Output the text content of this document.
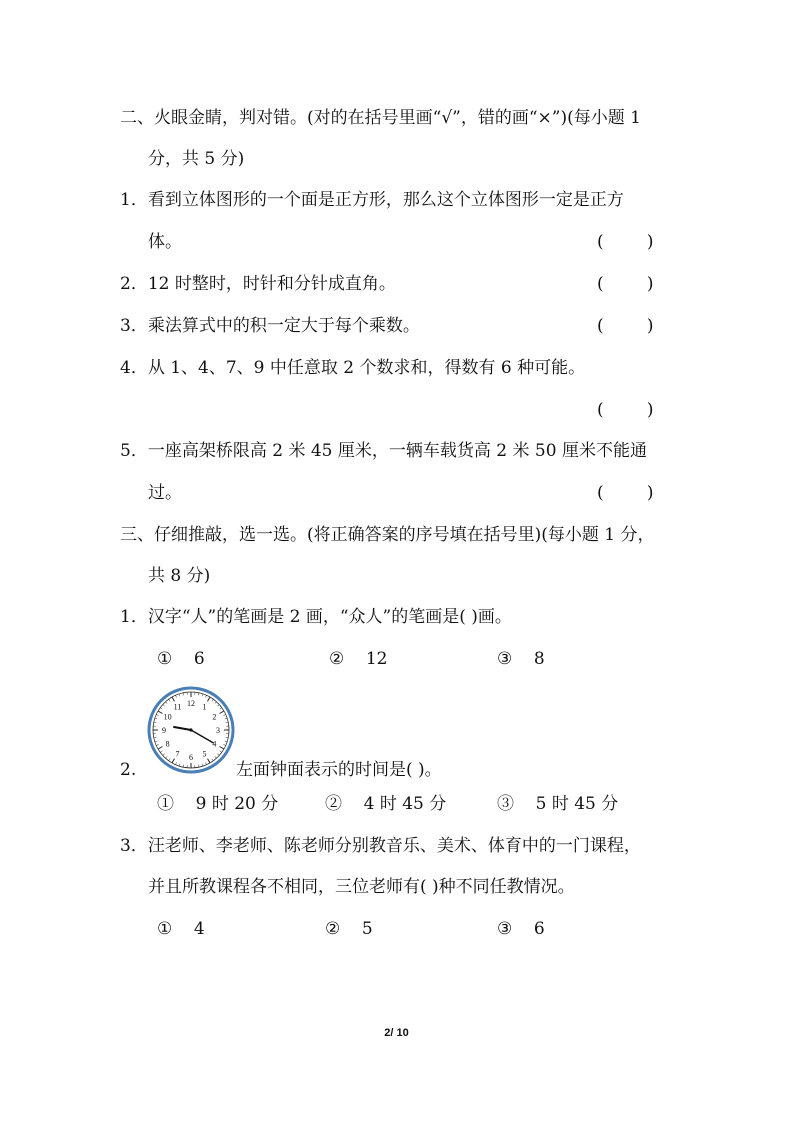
二、火眼金睛，判对错。(对的在括号里画“√”，错的画“×”)(每小题 1
分，共 5 分)
1．看到立体图形的一个面是正方形，那么这个立体图形一定是正方
体。	(        )
2．12 时整时，时针和分针成直角。	(        )
3．乘法算式中的积一定大于每个乘数。	(        )
4．从 1、4、7、9 中任意取 2 个数求和，得数有 6 种可能。
(        )
5．一座高架桥限高 2 米 45 厘米，一辆车载货高 2 米 50 厘米不能通
过。	(        )
三、仔细推敲，选一选。(将正确答案的序号填在括号里)(每小题 1 分，
共 8 分)
1．汉字“人”的笔画是 2 画，“众人”的笔画是( )画。
①    6	②    12	③    8
12 1
2
3
4
5
6
7
8
9
10
11
2.	左面钟面表示的时间是( )。
①    9 时 20 分	②    4 时 45 分	③    5 时 45 分
3．汪老师、李老师、陈老师分别教音乐、美术、体育中的一门课程，
并且所教课程各不相同，三位老师有( )种不同任教情况。
①    4	②    5	③    6
2/ 10
